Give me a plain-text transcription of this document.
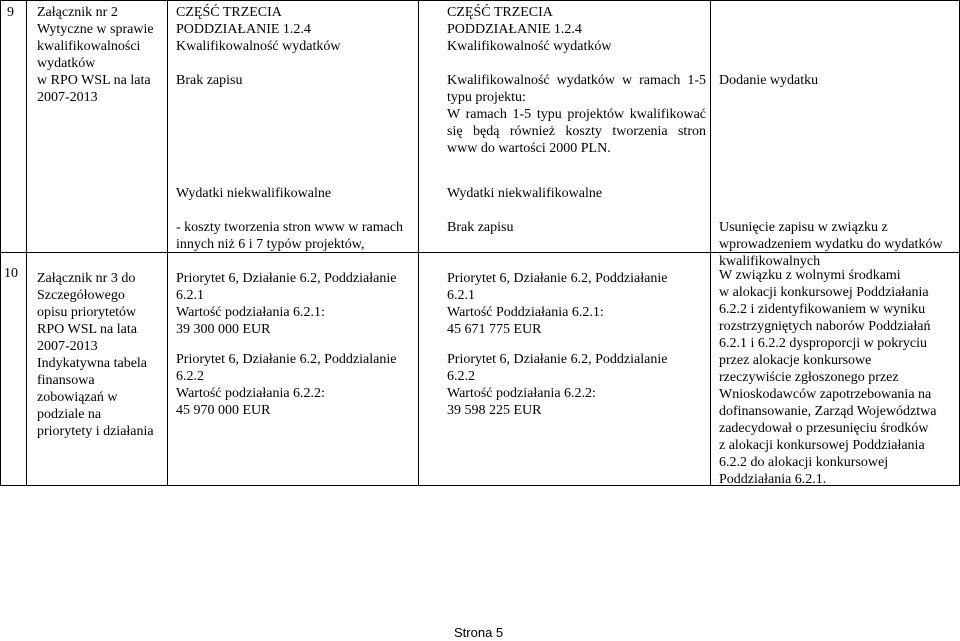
9 Załącznik nr 2
Wytyczne w sprawie
kwalifikowalności
wydatków
w RPO WSL na lata
2007-2013
CZĘŚĆ TRZECIA
PODDZIAŁANIE 1.2.4
Kwalifikowalność wydatków
Brak zapisu
CZĘŚĆ TRZECIA
PODDZIAŁANIE 1.2.4
Kwalifikowalność wydatków
Kwalifikowalność wydatków w ramach 1-5
typu projektu:
W ramach 1-5 typu projektów kwalifikować
się będą również koszty tworzenia stron
www do wartości 2000 PLN.
Dodanie wydatku
Wydatki niekwalifikowalne	Wydatki niekwalifikowalne
- koszty tworzenia stron www w ramach
innych niż 6 i 7 typów projektów,
Brak zapisu	Usunięcie zapisu w związku z
wprowadzeniem wydatku do wydatków
kwalifikowalnych
10 Załącznik nr 3 do
Szczegółowego
opisu priorytetów
RPO WSL na lata
2007-2013
Indykatywna tabela
finansowa
zobowiązań w
podziale na
priorytety i działania
Priorytet 6, Działanie 6.2, Poddziałanie
6.2.1
Wartość podziałania 6.2.1:
39 300 000 EUR
Priorytet 6, Działanie 6.2, Poddzialanie
6.2.2
Wartość podziałania 6.2.2:
45 970 000 EUR
Priorytet 6, Działanie 6.2, Poddziałanie
6.2.1
Wartość Poddziałania 6.2.1:
45 671 775 EUR
Priorytet 6, Działanie 6.2, Poddzialanie
6.2.2
Wartość podziałania 6.2.2:
39 598 225 EUR
W związku z wolnymi środkami
w alokacji konkursowej Poddziałania
6.2.2 i zidentyfikowaniem w wyniku
rozstrzygniętych naborów Poddziałań
6.2.1 i 6.2.2 dysproporcji w pokryciu
przez alokacje konkursowe
rzeczywiście zgłoszonego przez
Wnioskodawców zapotrzebowania na
dofinansowanie, Zarząd Województwa
zadecydował o przesunięciu środków
z alokacji konkursowej Poddziałania
6.2.2 do alokacji konkursowej
Poddziałania 6.2.1.
Strona 5
